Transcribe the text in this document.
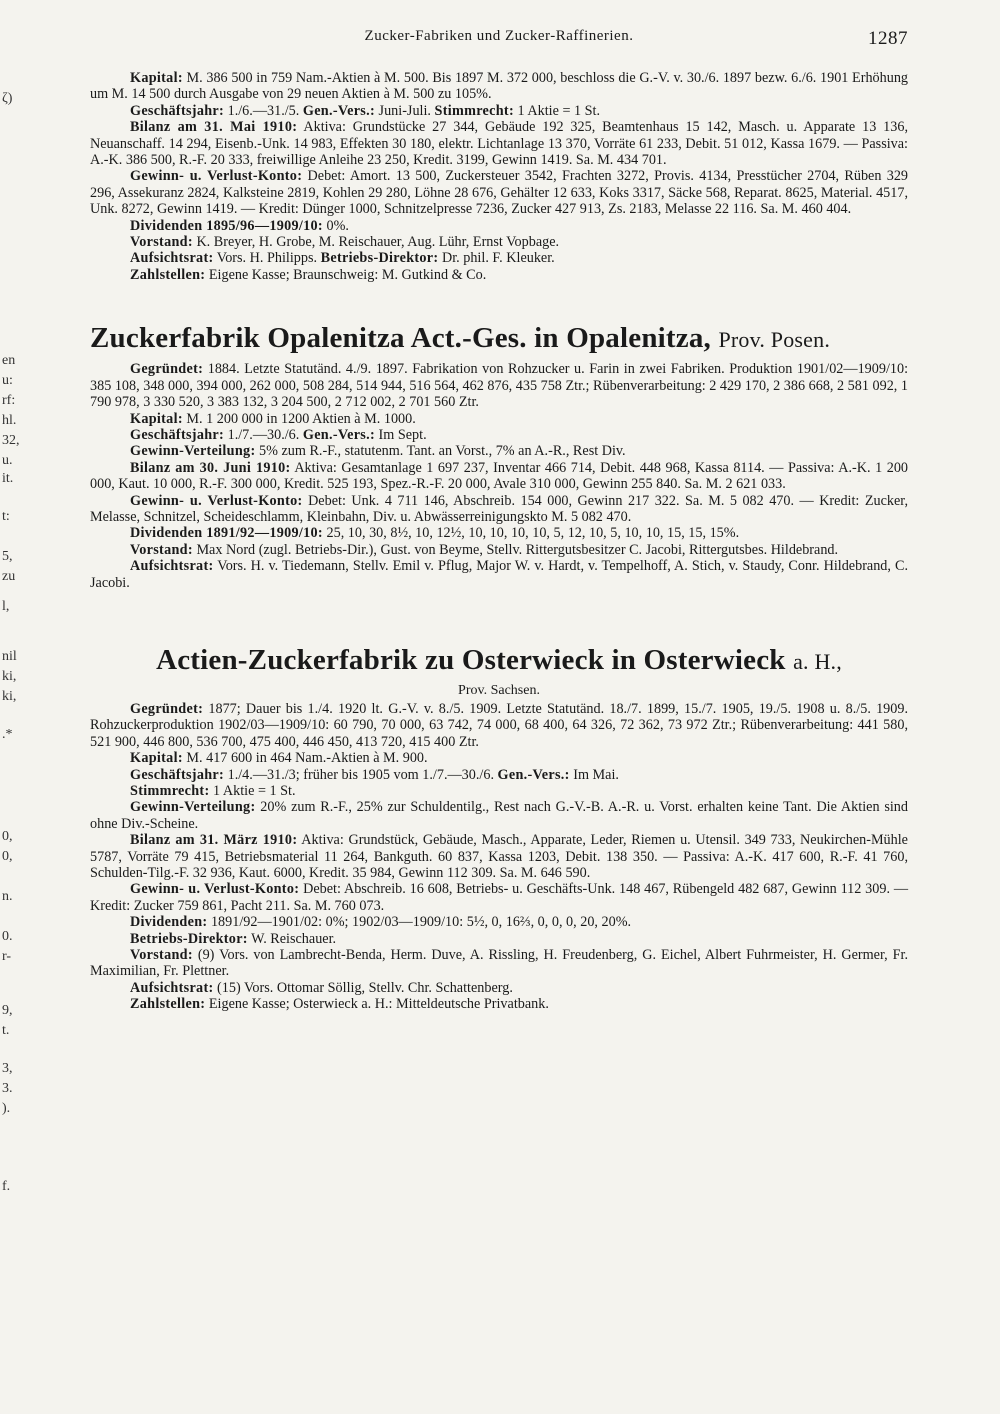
ζ)
en
u:
rf:
hl.
32,
u.
it.
t:
5,
zu
l,
nil
ki,
ki,
.*
0,
0,
n.
0.
r-
9,
t.
3,
3.
).
f.
Zucker-Fabriken und Zucker-Raffinerien.	1287

Kapital: M. 386 500 in 759 Nam.-Aktien à M. 500. Bis 1897 M. 372 000, beschloss die G.-V. v. 30./6. 1897 bezw. 6./6. 1901 Erhöhung um M. 14 500 durch Ausgabe von 29 neuen Aktien à M. 500 zu 105%.

Geschäftsjahr: 1./6.—31./5. Gen.-Vers.: Juni-Juli. Stimmrecht: 1 Aktie = 1 St.

Bilanz am 31. Mai 1910: Aktiva: Grundstücke 27 344, Gebäude 192 325, Beamtenhaus 15 142, Masch. u. Apparate 13 136, Neuanschaff. 14 294, Eisenb.-Unk. 14 983, Effekten 30 180, elektr. Lichtanlage 13 370, Vorräte 61 233, Debit. 51 012, Kassa 1679. — Passiva: A.-K. 386 500, R.-F. 20 333, freiwillige Anleihe 23 250, Kredit. 3199, Gewinn 1419. Sa. M. 434 701.

Gewinn- u. Verlust-Konto: Debet: Amort. 13 500, Zuckersteuer 3542, Frachten 3272, Provis. 4134, Presstücher 2704, Rüben 329 296, Assekuranz 2824, Kalksteine 2819, Kohlen 29 280, Löhne 28 676, Gehälter 12 633, Koks 3317, Säcke 568, Reparat. 8625, Material. 4517, Unk. 8272, Gewinn 1419. — Kredit: Dünger 1000, Schnitzelpresse 7236, Zucker 427 913, Zs. 2183, Melasse 22 116. Sa. M. 460 404.

Dividenden 1895/96—1909/10: 0%.

Vorstand: K. Breyer, H. Grobe, M. Reischauer, Aug. Lühr, Ernst Vopbage.

Aufsichtsrat: Vors. H. Philipps. Betriebs-Direktor: Dr. phil. F. Kleuker.

Zahlstellen: Eigene Kasse; Braunschweig: M. Gutkind & Co.

Zuckerfabrik Opalenitza Act.-Ges. in Opalenitza, Prov. Posen.

Gegründet: 1884. Letzte Statutänd. 4./9. 1897. Fabrikation von Rohzucker u. Farin in zwei Fabriken. Produktion 1901/02—1909/10: 385 108, 348 000, 394 000, 262 000, 508 284, 514 944, 516 564, 462 876, 435 758 Ztr.; Rübenverarbeitung: 2 429 170, 2 386 668, 2 581 092, 1 790 978, 3 330 520, 3 383 132, 3 204 500, 2 712 002, 2 701 560 Ztr.

Kapital: M. 1 200 000 in 1200 Aktien à M. 1000.

Geschäftsjahr: 1./7.—30./6. Gen.-Vers.: Im Sept.

Gewinn-Verteilung: 5% zum R.-F., statutenm. Tant. an Vorst., 7% an A.-R., Rest Div.

Bilanz am 30. Juni 1910: Aktiva: Gesamtanlage 1 697 237, Inventar 466 714, Debit. 448 968, Kassa 8114. — Passiva: A.-K. 1 200 000, Kaut. 10 000, R.-F. 300 000, Kredit. 525 193, Spez.-R.-F. 20 000, Avale 310 000, Gewinn 255 840. Sa. M. 2 621 033.

Gewinn- u. Verlust-Konto: Debet: Unk. 4 711 146, Abschreib. 154 000, Gewinn 217 322. Sa. M. 5 082 470. — Kredit: Zucker, Melasse, Schnitzel, Scheideschlamm, Kleinbahn, Div. u. Abwässerreinigungskto M. 5 082 470.

Dividenden 1891/92—1909/10: 25, 10, 30, 8½, 10, 12½, 10, 10, 10, 10, 5, 12, 10, 5, 10, 10, 15, 15, 15%.

Vorstand: Max Nord (zugl. Betriebs-Dir.), Gust. von Beyme, Stellv. Rittergutsbesitzer C. Jacobi, Rittergutsbes. Hildebrand.

Aufsichtsrat: Vors. H. v. Tiedemann, Stellv. Emil v. Pflug, Major W. v. Hardt, v. Tempelhoff, A. Stich, v. Staudy, Conr. Hildebrand, C. Jacobi.

Actien-Zuckerfabrik zu Osterwieck in Osterwieck a. H.,
Prov. Sachsen.

Gegründet: 1877; Dauer bis 1./4. 1920 lt. G.-V. v. 8./5. 1909. Letzte Statutänd. 18./7. 1899, 15./7. 1905, 19./5. 1908 u. 8./5. 1909. Rohzuckerproduktion 1902/03—1909/10: 60 790, 70 000, 63 742, 74 000, 68 400, 64 326, 72 362, 73 972 Ztr.; Rübenverarbeitung: 441 580, 521 900, 446 800, 536 700, 475 400, 446 450, 413 720, 415 400 Ztr.

Kapital: M. 417 600 in 464 Nam.-Aktien à M. 900.

Geschäftsjahr: 1./4.—31./3; früher bis 1905 vom 1./7.—30./6. Gen.-Vers.: Im Mai.

Stimmrecht: 1 Aktie = 1 St.

Gewinn-Verteilung: 20% zum R.-F., 25% zur Schuldentilg., Rest nach G.-V.-B. A.-R. u. Vorst. erhalten keine Tant. Die Aktien sind ohne Div.-Scheine.

Bilanz am 31. März 1910: Aktiva: Grundstück, Gebäude, Masch., Apparate, Leder, Riemen u. Utensil. 349 733, Neukirchen-Mühle 5787, Vorräte 79 415, Betriebsmaterial 11 264, Bankguth. 60 837, Kassa 1203, Debit. 138 350. — Passiva: A.-K. 417 600, R.-F. 41 760, Schulden-Tilg.-F. 32 936, Kaut. 6000, Kredit. 35 984, Gewinn 112 309. Sa. M. 646 590.

Gewinn- u. Verlust-Konto: Debet: Abschreib. 16 608, Betriebs- u. Geschäfts-Unk. 148 467, Rübengeld 482 687, Gewinn 112 309. — Kredit: Zucker 759 861, Pacht 211. Sa. M. 760 073.

Dividenden: 1891/92—1901/02: 0%; 1902/03—1909/10: 5½, 0, 16⅔, 0, 0, 0, 20, 20%.

Betriebs-Direktor: W. Reischauer.

Vorstand: (9) Vors. von Lambrecht-Benda, Herm. Duve, A. Rissling, H. Freudenberg, G. Eichel, Albert Fuhrmeister, H. Germer, Fr. Maximilian, Fr. Plettner.

Aufsichtsrat: (15) Vors. Ottomar Söllig, Stellv. Chr. Schattenberg.

Zahlstellen: Eigene Kasse; Osterwieck a. H.: Mitteldeutsche Privatbank.
